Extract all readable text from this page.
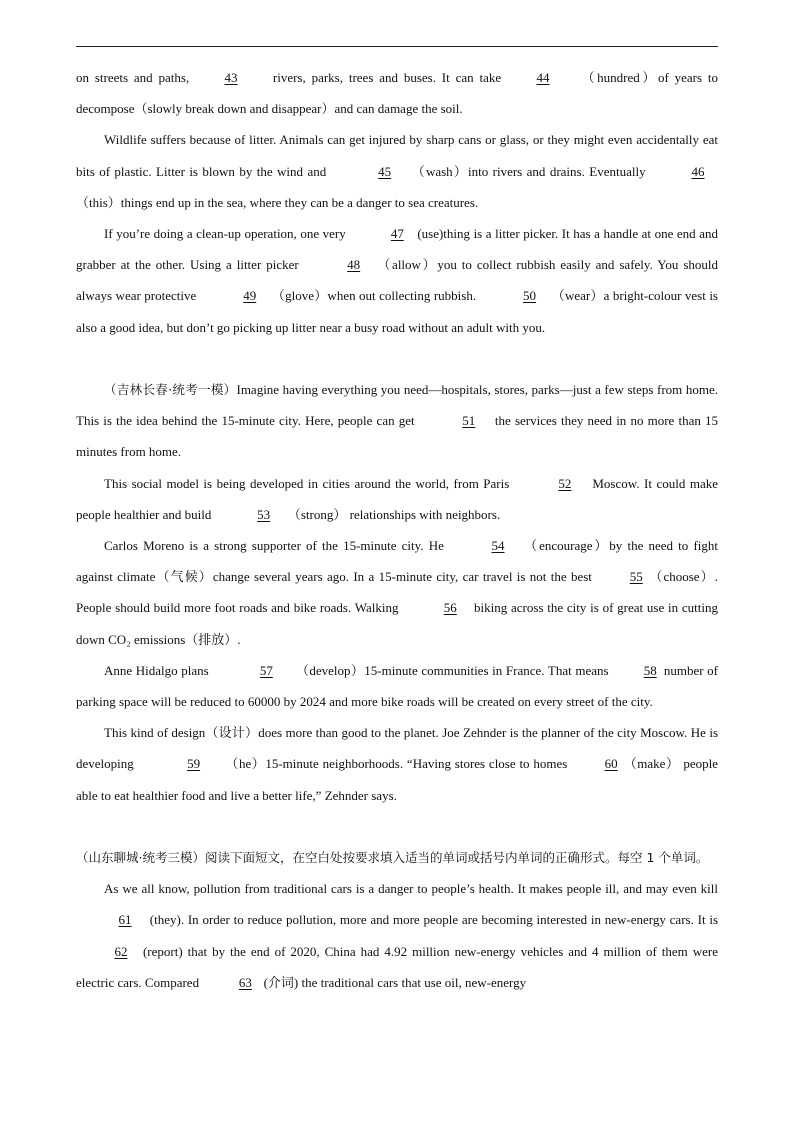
on streets and paths, 43 rivers, parks, trees and buses. It can take 44 （hundred）of years to decompose（slowly break down and disappear）and can damage the soil.

Wildlife suffers because of litter. Animals can get injured by sharp cans or glass, or they might even accidentally eat bits of plastic. Litter is blown by the wind and	45 （wash）into rivers and drains. Eventually	46（this）things end up in the sea, where they can be a danger to sea creatures.

If you’re doing a clean-up operation, one very	47 (use)thing is a litter picker. It has a handle at one end and grabber at the other. Using a litter picker	48 （allow）you to collect rubbish easily and safely. You should always wear protective	49 （glove）when out collecting rubbish.	50 （wear）a bright-colour vest is also a good idea, but don’t go picking up litter near a busy road without an adult with you.

（吉林长春·统考一模）Imagine having everything you need—hospitals, stores, parks—just a few steps from home. This is the idea behind the 15-minute city. Here, people can get	51 the services they need in no more than 15 minutes from home.

This social model is being developed in cities around the world, from Paris	52 Moscow. It could make people healthier and build	53 （strong） relationships with neighbors.

Carlos Moreno is a strong supporter of the 15-minute city. He	54 （encourage）by the need to fight against climate（气候）change several years ago. In a 15-minute city, car travel is not the best	55 （choose）. People should build more foot roads and bike roads. Walking	56 biking across the city is of great use in cutting down CO₂ emissions（排放）.

Anne Hidalgo plans	57 （develop）15-minute communities in France. That means 58 number of parking space will be reduced to 60000 by 2024 and more bike roads will be created on every street of the city.

This kind of design（设计）does more than good to the planet. Joe Zehnder is the planner of the city Moscow. He is developing	59 （he）15-minute neighborhoods. “Having stores close to homes	60 （make） people able to eat healthier food and live a better life,” Zehnder says.

（山东聊城·统考三模）阅读下面短文，在空白处按要求填入适当的单词或括号内单词的正确形式。每空 1 个单词。

As we all know, pollution from traditional cars is a danger to people’s health. It makes people ill, and may even kill 61 (they). In order to reduce pollution, more and more people are becoming interested in new-energy cars. It is 62 (report) that by the end of 2020, China had 4.92 million new-energy vehicles and 4 million of them were electric cars. Compared	63 (介词) the traditional cars that use oil, new-energy
